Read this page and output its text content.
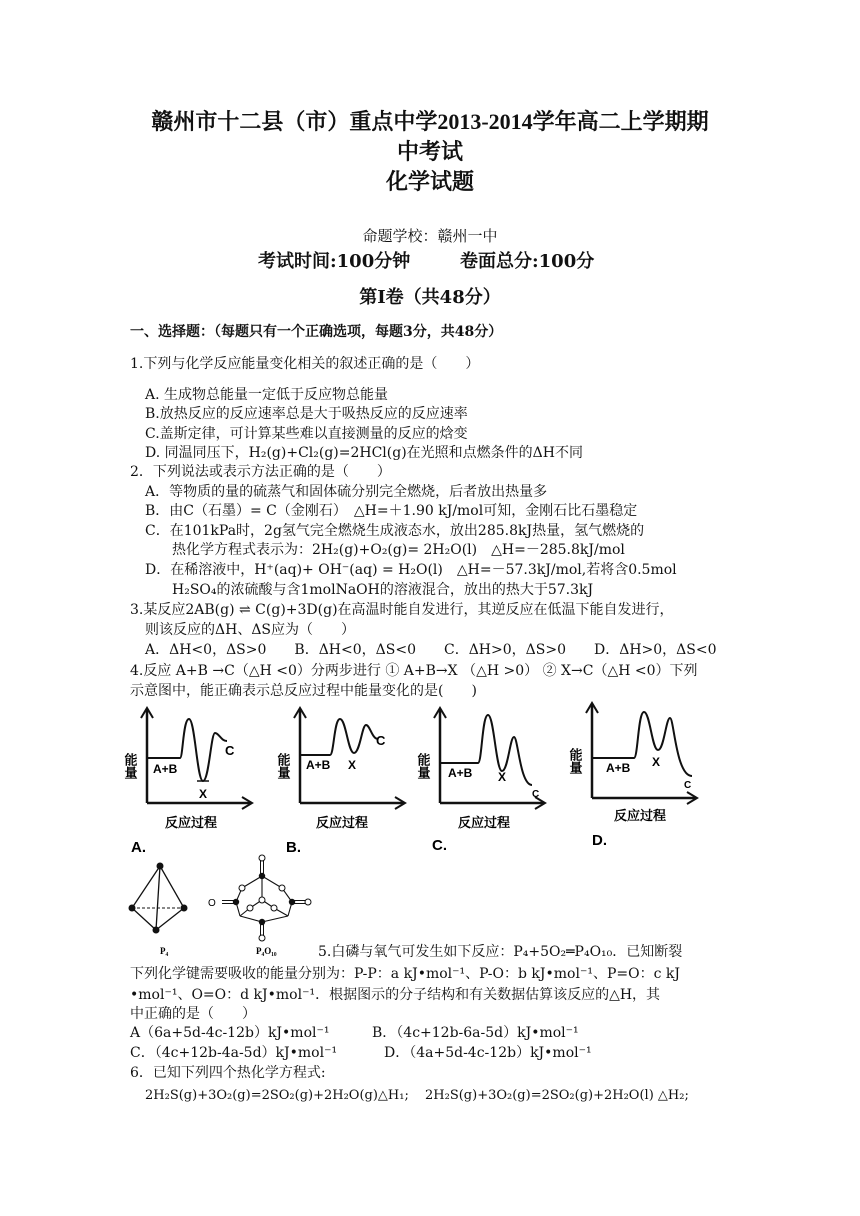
赣州市十二县（市）重点中学2013-2014学年高二上学期期
中考试
化学试题
命题学校：赣州一中
考试时间:100分钟	卷面总分:100分
第Ⅰ卷（共48分）
一、选择题：（每题只有一个正确选项，每题3分，共48分）
1.下列与化学反应能量变化相关的叙述正确的是（　　）
A. 生成物总能量一定低于反应物总能量
B.放热反应的反应速率总是大于吸热反应的反应速率
C.盖斯定律，可计算某些难以直接测量的反应的焓变
D. 同温同压下，H₂(g)+Cl₂(g)=2HCl(g)在光照和点燃条件的ΔH不同
2．下列说法或表示方法正确的是（　　）
A．等物质的量的硫蒸气和固体硫分别完全燃烧，后者放出热量多
B．由C（石墨）= C（金刚石）　△H=＋1.90 kJ/mol可知，金刚石比石墨稳定
C．在101kPa时，2g氢气完全燃烧生成液态水，放出285.8kJ热量，氢气燃烧的
热化学方程式表示为：2H₂(g)+O₂(g)= 2H₂O(l)　△H=－285.8kJ/mol
D．在稀溶液中，H⁺(aq)+ OH⁻(aq) = H₂O(l)　△H=－57.3kJ/mol,若将含0.5mol
H₂SO₄的浓硫酸与含1molNaOH的溶液混合，放出的热大于57.3kJ
3.某反应2AB(g) ⇌ C(g)+3D(g)在高温时能自发进行，其逆反应在低温下能自发进行，
则该反应的ΔH、ΔS应为（　　）
A．ΔH<0，ΔS>0　　B．ΔH<0，ΔS<0　　C．ΔH>0，ΔS>0　　D．ΔH>0，ΔS<0
4.反应 A+B →C（△H <0）分两步进行 ① A+B→X （△H >0） ② X→C（△H <0）下列
示意图中，能正确表示总反应过程中能量变化的是(　　)
能量 A+B
X
C
反应过程
A.
能量 A+B X
C
反应过程
B.
能量 A+B X
C
反应过程
C.
能量 A+B X
C
反应过程
D.
P₄
O
P₄O₁₀	5.白磷与氧气可发生如下反应：P₄+5O₂═P₄O₁₀．已知断裂
下列化学键需要吸收的能量分别为：P-P：a kJ•mol⁻¹、P-O：b kJ•mol⁻¹、P=O：c kJ
•mol⁻¹、O=O：d kJ•mol⁻¹．根据图示的分子结构和有关数据估算该反应的△H，其
中正确的是（　　）
A（6a+5d-4c-12b）kJ•mol⁻¹	B．（4c+12b-6a-5d）kJ•mol⁻¹
C．（4c+12b-4a-5d）kJ•mol⁻¹	D．（4a+5d-4c-12b）kJ•mol⁻¹
6．已知下列四个热化学方程式:
2H₂S(g)+3O₂(g)=2SO₂(g)+2H₂O(g)△H₁; 2H₂S(g)+3O₂(g)=2SO₂(g)+2H₂O(l) △H₂;
